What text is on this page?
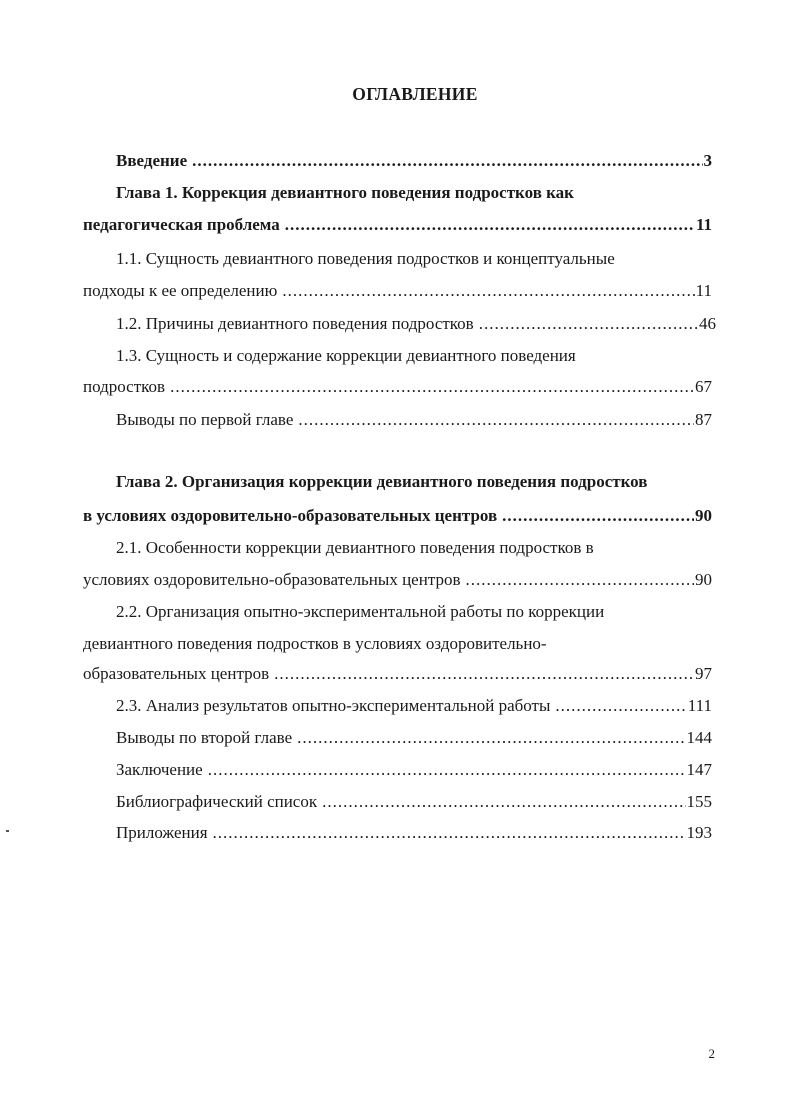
ОГЛАВЛЕНИЕ
Введение .....	3
Глава 1. Коррекция девиантного поведения подростков как
педагогическая проблема .....	11
1.1. Сущность девиантного поведения подростков и концептуальные
подходы к ее определению .....	11
1.2. Причины девиантного поведения подростков .....	46
1.3. Сущность и содержание коррекции девиантного поведения
подростков .....	67
Выводы по первой главе .....	87
Глава 2. Организация коррекции девиантного поведения подростков
в условиях оздоровительно-образовательных центров .....	90
2.1. Особенности коррекции девиантного поведения подростков в
условиях оздоровительно-образовательных центров .....	90
2.2. Организация опытно-экспериментальной работы по коррекции
девиантного поведения подростков в условиях оздоровительно-
образовательных центров .....	97
2.3. Анализ результатов опытно-экспериментальной работы .....	111
Выводы по второй главе .....	144
Заключение .....	147
Библиографический список .....	155
Приложения .....	193
2
